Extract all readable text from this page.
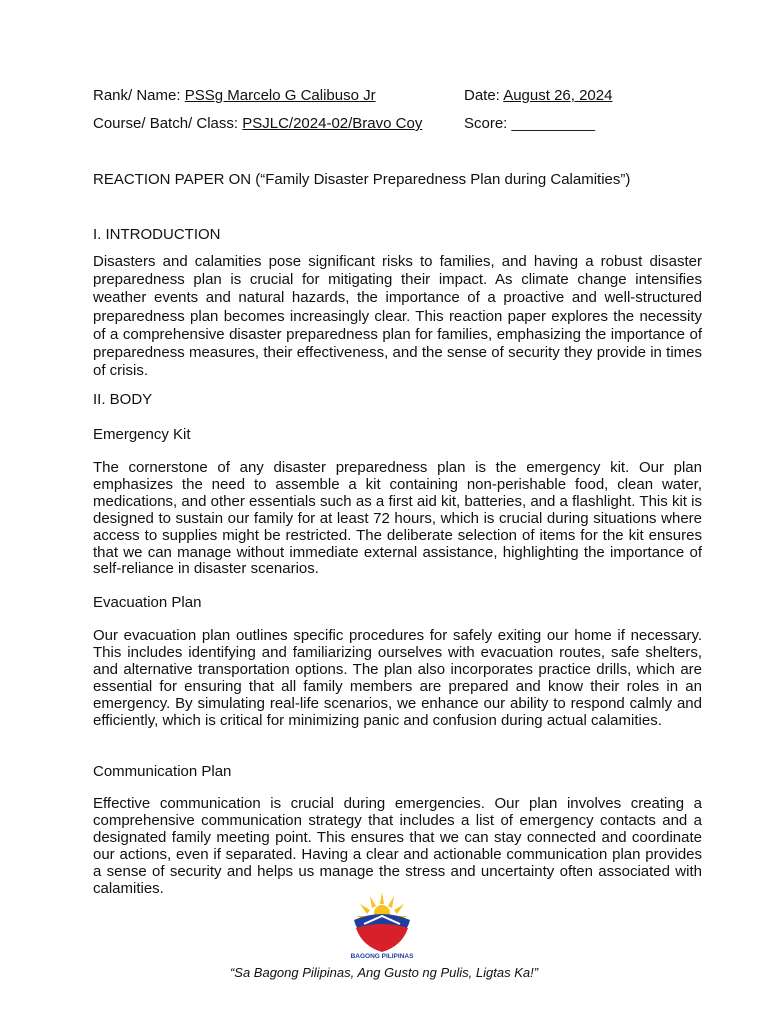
Rank/ Name: PSSg Marcelo G Calibuso Jr	Date: August 26, 2024
Course/ Batch/ Class: PSJLC/2024-02/Bravo Coy	Score: __________
REACTION PAPER ON (“Family Disaster Preparedness Plan during Calamities”)
I. INTRODUCTION
Disasters and calamities pose significant risks to families, and having a robust disaster preparedness plan is crucial for mitigating their impact. As climate change intensifies weather events and natural hazards, the importance of a proactive and well-structured preparedness plan becomes increasingly clear. This reaction paper explores the necessity of a comprehensive disaster preparedness plan for families, emphasizing the importance of preparedness measures, their effectiveness, and the sense of security they provide in times of crisis.
II. BODY
Emergency Kit
The cornerstone of any disaster preparedness plan is the emergency kit. Our plan emphasizes the need to assemble a kit containing non-perishable food, clean water, medications, and other essentials such as a first aid kit, batteries, and a flashlight. This kit is designed to sustain our family for at least 72 hours, which is crucial during situations where access to supplies might be restricted. The deliberate selection of items for the kit ensures that we can manage without immediate external assistance, highlighting the importance of self-reliance in disaster scenarios.
Evacuation Plan
Our evacuation plan outlines specific procedures for safely exiting our home if necessary. This includes identifying and familiarizing ourselves with evacuation routes, safe shelters, and alternative transportation options. The plan also incorporates practice drills, which are essential for ensuring that all family members are prepared and know their roles in an emergency. By simulating real-life scenarios, we enhance our ability to respond calmly and efficiently, which is critical for minimizing panic and confusion during actual calamities.
Communication Plan
Effective communication is crucial during emergencies. Our plan involves creating a comprehensive communication strategy that includes a list of emergency contacts and a designated family meeting point. This ensures that we can stay connected and coordinate our actions, even if separated. Having a clear and actionable communication plan provides a sense of security and helps us manage the stress and uncertainty often associated with calamities.
BAGONG PILIPINAS
“Sa Bagong Pilipinas, Ang Gusto ng Pulis, Ligtas Ka!”
